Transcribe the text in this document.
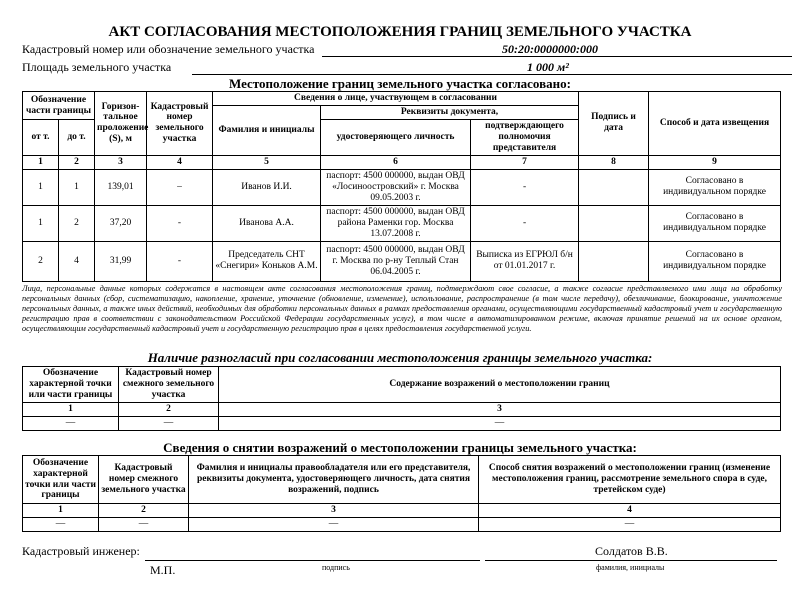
АКТ СОГЛАСОВАНИЯ МЕСТОПОЛОЖЕНИЯ ГРАНИЦ ЗЕМЕЛЬНОГО УЧАСТКА
Кадастровый номер или обозначение земельного участка	50:20:0000000:000
Площадь земельного участка	1 000 м²
Местоположение границ земельного участка согласовано:
Обозначение части границы		Горизон-тальное проложение (S), м	Кадастровый номер земельного участка	Сведения о лице, участвующем в согласовании			Подпись и дата	Способ и дата извещения
				Фамилия и инициалы	Реквизиты документа,			
от т.	до т.				удостоверяющего личность	подтверждающего полномочия представителя		
1	2	3	4	5	6	7	8	9
1	1	139,01	–	Иванов И.И.	паспорт: 4500 000000, выдан ОВД «Лосиноостровский» г. Москва 09.05.2003 г.	-		Согласовано в индивидуальном порядке
1	2	37,20	-	Иванова А.А.	паспорт: 4500 000000, выдан ОВД района Раменки гор. Москва 13.07.2008 г.	-		Согласовано в индивидуальном порядке
2	4	31,99	-	Председатель СНТ «Снегири» Коньков А.М.	паспорт: 4500 000000, выдан ОВД г. Москва по р-ну Теплый Стан 06.04.2005 г.	Выписка из ЕГРЮЛ б/н от 01.01.2017 г.		Согласовано в индивидуальном порядке
Лица, персональные данные которых содержатся в настоящем акте согласования местоположения границ, подтверждают свое согласие, а также согласие представляемого ими лица на обработку персональных данных (сбор, систематизацию, накопление, хранение, уточнение (обновление, изменение), использование, распространение (в том числе передачу), обезличивание, блокирование, уничтожение персональных данных, а также иных действий, необходимых для обработки персональных данных в рамках предоставления органами, осуществляющими государственный кадастровый учет и государственную регистрацию прав в соответствии с законодательством Российской Федерации государственных услуг), в том числе в автоматизированном режиме, включая принятие решений на их основе органом, осуществляющим государственный кадастровый учет и государственную регистрацию прав в целях предоставления государственной услуги.
Наличие разногласий при согласовании местоположения границы земельного участка:
Обозначение характерной точки или части границы	Кадастровый номер смежного земельного участка	Содержание возражений о местоположении границ
1	2	3
—	—	—
Сведения о снятии возражений о местоположении границы земельного участка:
Обозначение характерной точки или части границы	Кадастровый номер смежного земельного участка	Фамилия и инициалы правообладателя или его представителя, реквизиты документа, удостоверяющего личность, дата снятия возражений, подпись	Способ снятия возражений о местоположении границ (изменение местоположения границ, рассмотрение земельного спора в суде, третейском суде)
1	2	3	4
—	—	—	—
Кадастровый инженер:	Солдатов В.В.
М.П.	подпись	фамилия, инициалы
